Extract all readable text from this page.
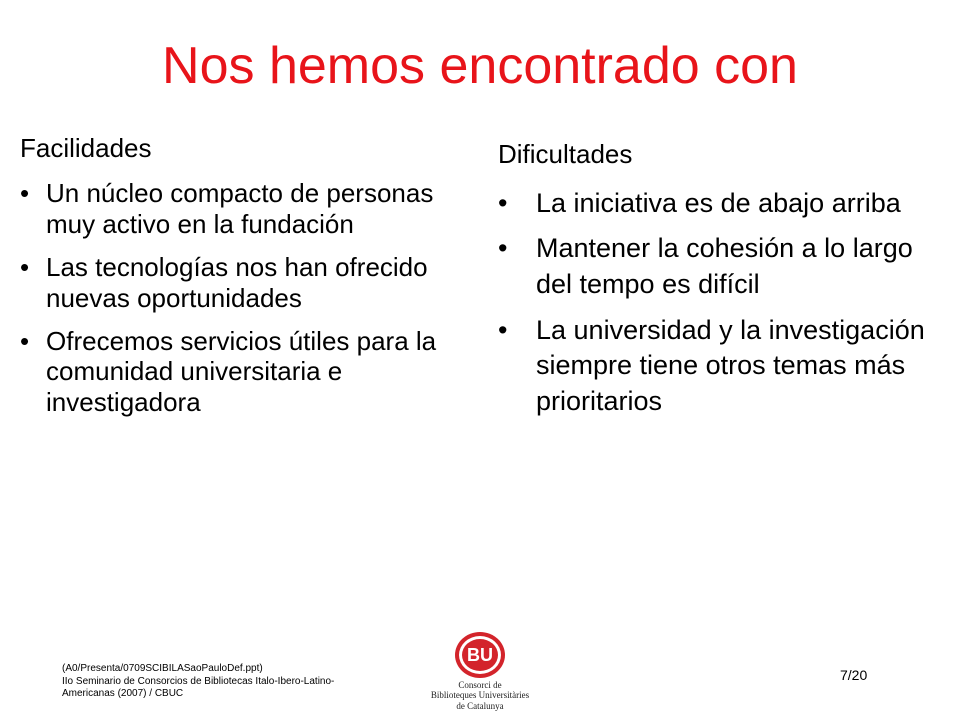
Nos hemos encontrado con
Facilidades
• Un núcleo compacto de personas muy activo en la fundación
• Las tecnologías nos han ofrecido nuevas oportunidades
• Ofrecemos servicios útiles para la comunidad universitaria e investigadora
Dificultades
• La iniciativa es de abajo arriba
• Mantener la cohesión a lo largo del tempo es difícil
• La universidad y la investigación siempre tiene otros temas más prioritarios
(A0/Presenta/0709SCIBILASaoPauloDef.ppt)
IIo Seminario de Consorcios de Bibliotecas Italo-Ibero-Latino-
Americanas (2007) / CBUC
BU
Consorci de
Biblioteques Universitàries
de Catalunya
7/20
